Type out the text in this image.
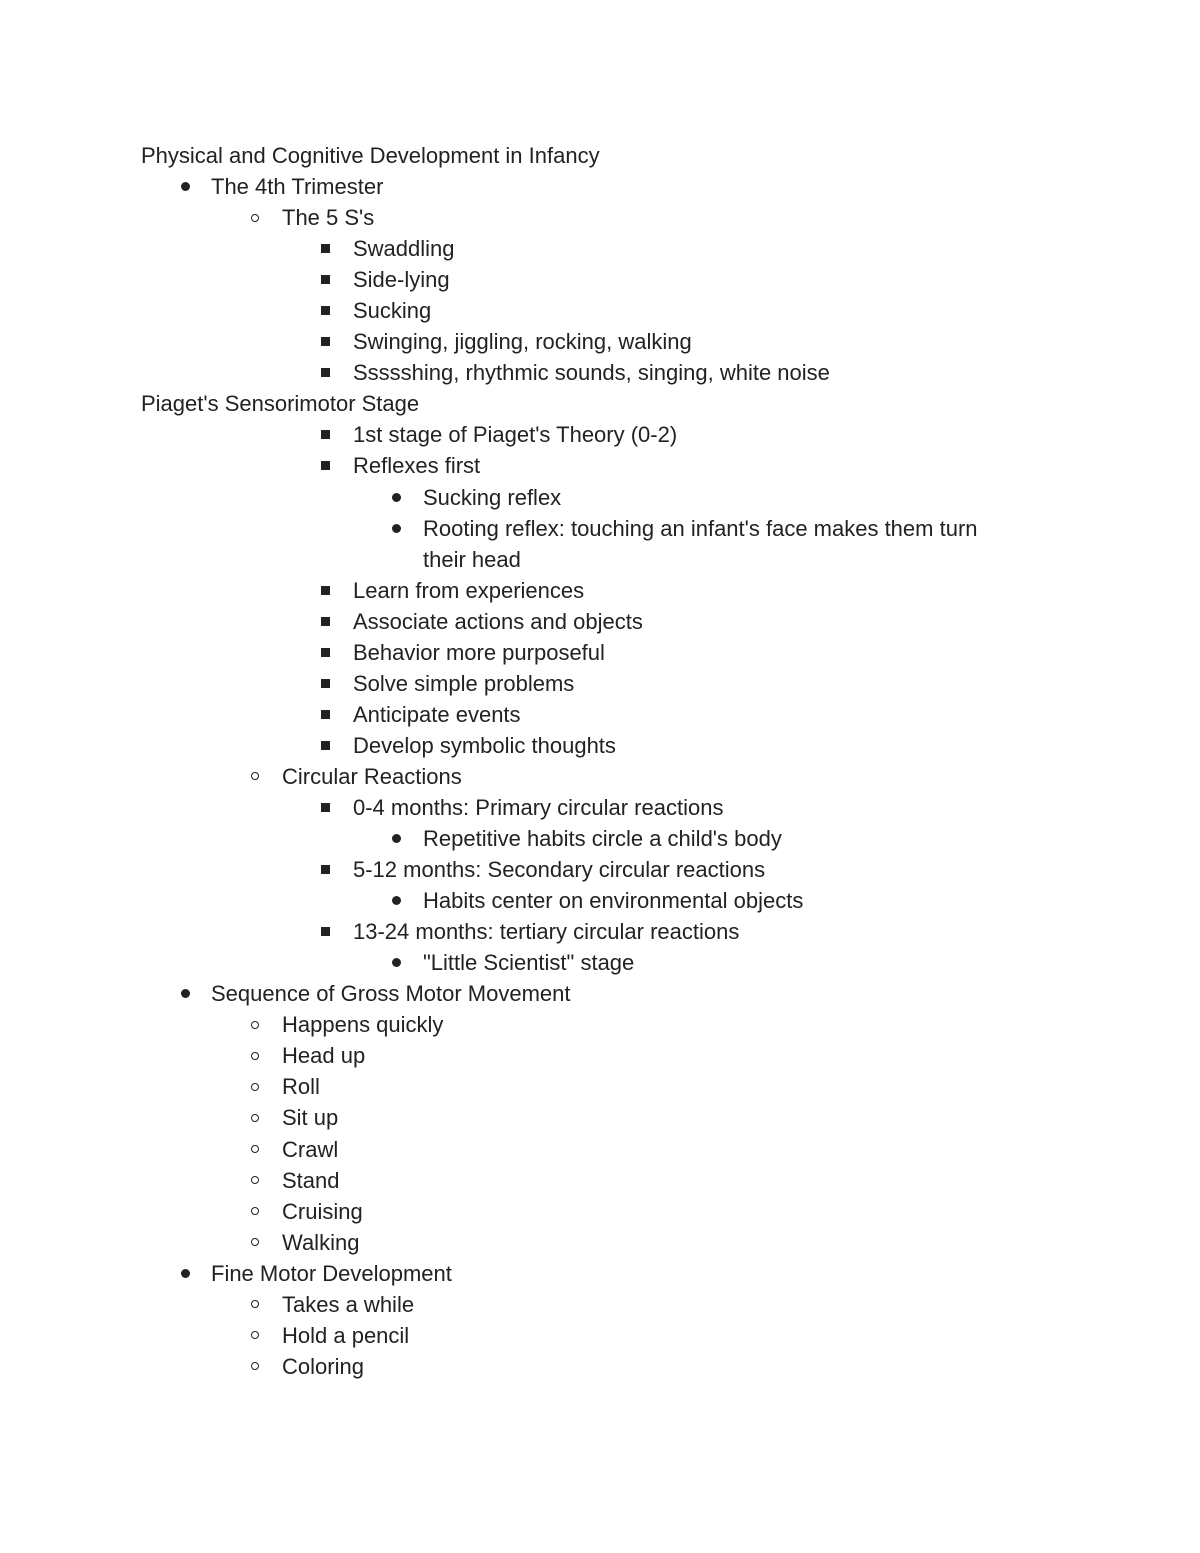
Physical and Cognitive Development in Infancy
The 4th Trimester
The 5 S's
Swaddling
Side-lying
Sucking
Swinging, jiggling, rocking, walking
Ssssshing, rhythmic sounds, singing, white noise
Piaget's Sensorimotor Stage
1st stage of Piaget's Theory (0-2)
Reflexes first
Sucking reflex
Rooting reflex: touching an infant's face makes them turn
their head
Learn from experiences
Associate actions and objects
Behavior more purposeful
Solve simple problems
Anticipate events
Develop symbolic thoughts
Circular Reactions
0-4 months: Primary circular reactions
Repetitive habits circle a child's body
5-12 months: Secondary circular reactions
Habits center on environmental objects
13-24 months: tertiary circular reactions
"Little Scientist" stage
Sequence of Gross Motor Movement
Happens quickly
Head up
Roll
Sit up
Crawl
Stand
Cruising
Walking
Fine Motor Development
Takes a while
Hold a pencil
Coloring
